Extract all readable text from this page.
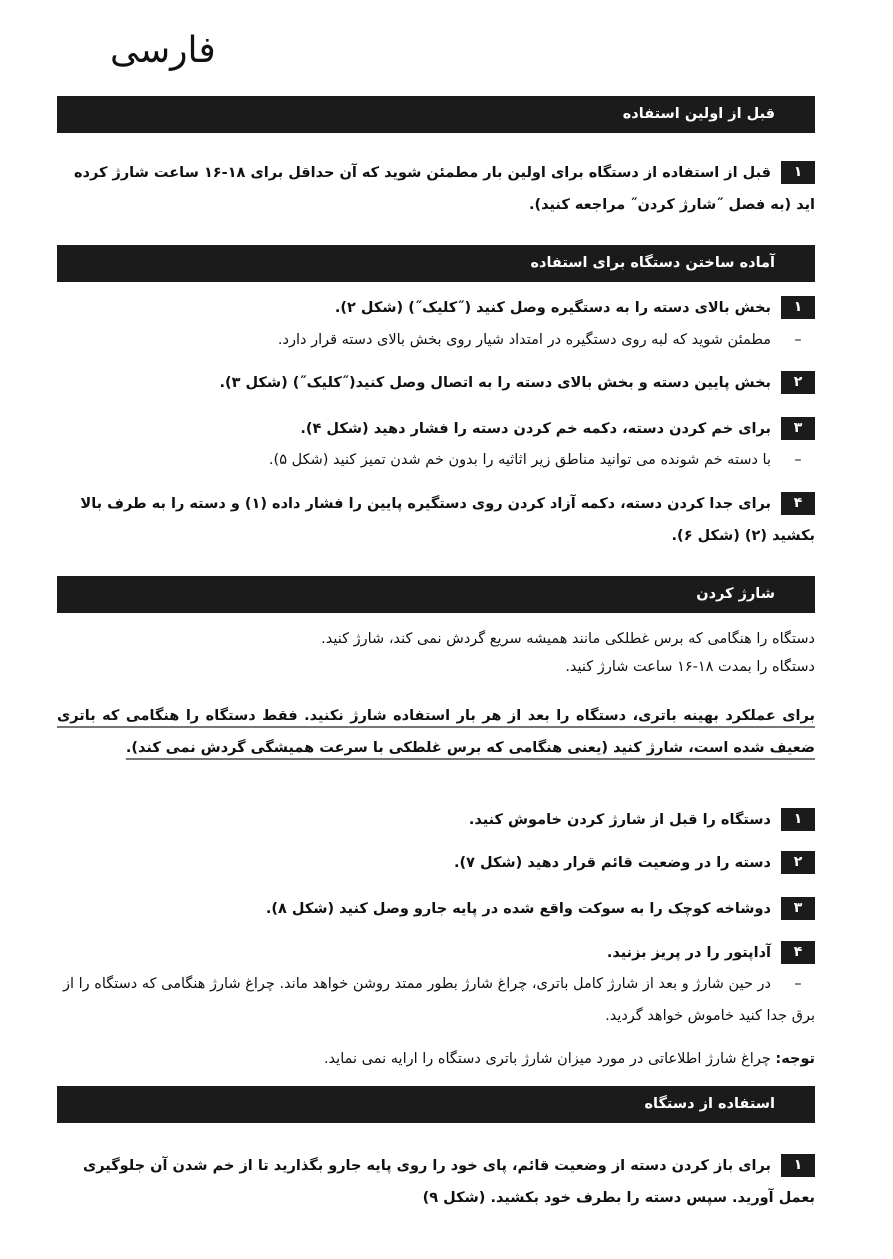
فارسی
قبل از اولین استفاده
۱
قبل از استفاده از دستگاه برای اولین بار مطمئن شوید که آن حداقل برای ۱۸-۱۶ ساعت شارژ کرده اید (به فصل ˝شارژ کردن˝ مراجعه کنید).
آماده ساختن دستگاه برای استفاده
۱
بخش بالای دسته را به دستگیره وصل کنید (˝کلیک˝) (شکل ۲).
–
مطمئن شوید که لبه روی دستگیره در امتداد شیار روی بخش بالای دسته قرار دارد.
۲
بخش پایین دسته و بخش بالای دسته را به اتصال وصل کنید(˝کلیک˝) (شکل ۳).
۳
برای خم کردن دسته، دکمه خم کردن دسته را فشار دهید (شکل ۴).
–
با دسته خم شونده می توانید مناطق زیر اثاثیه را بدون خم شدن تمیز کنید (شکل ۵).
۴
برای جدا کردن دسته، دکمه آزاد کردن روی دستگیره پایین را فشار داده (۱) و دسته را به طرف بالا بکشید (۲) (شکل ۶).
شارژ کردن
دستگاه را هنگامی که برس غطلکی مانند همیشه سریع گردش نمی کند، شارژ کنید.
دستگاه را بمدت ۱۸-۱۶ ساعت شارژ کنید.
برای عملکرد بهینه باتری، دستگاه را بعد از هر بار استفاده شارژ نکنید. فقط دستگاه را هنگامی که باتری ضعیف شده است، شارژ کنید (یعنی هنگامی که برس غلطکی با سرعت همیشگی گردش نمی کند).
۱
دستگاه را قبل از شارژ کردن خاموش کنید.
۲
دسته را در وضعیت قائم قرار دهید (شکل ۷).
۳
دوشاخه کوچک را به سوکت واقع شده در پایه جارو وصل کنید (شکل ۸).
۴
آداپتور را در پریز بزنید.
–
در حین شارژ و بعد از شارژ کامل باتری، چراغ شارژ بطور ممتد روشن خواهد ماند. چراغ شارژ هنگامی که دستگاه را از برق جدا کنید خاموش خواهد گردید.
توجه: چراغ شارژ اطلاعاتی در مورد میزان شارژ باتری دستگاه را ارایه نمی نماید.
استفاده از دستگاه
۱
برای باز کردن دسته از وضعیت قائم، پای خود را روی پایه جارو بگذارید تا از خم شدن آن جلوگیری بعمل آورید. سپس دسته را بطرف خود بکشید. (شکل ۹)
